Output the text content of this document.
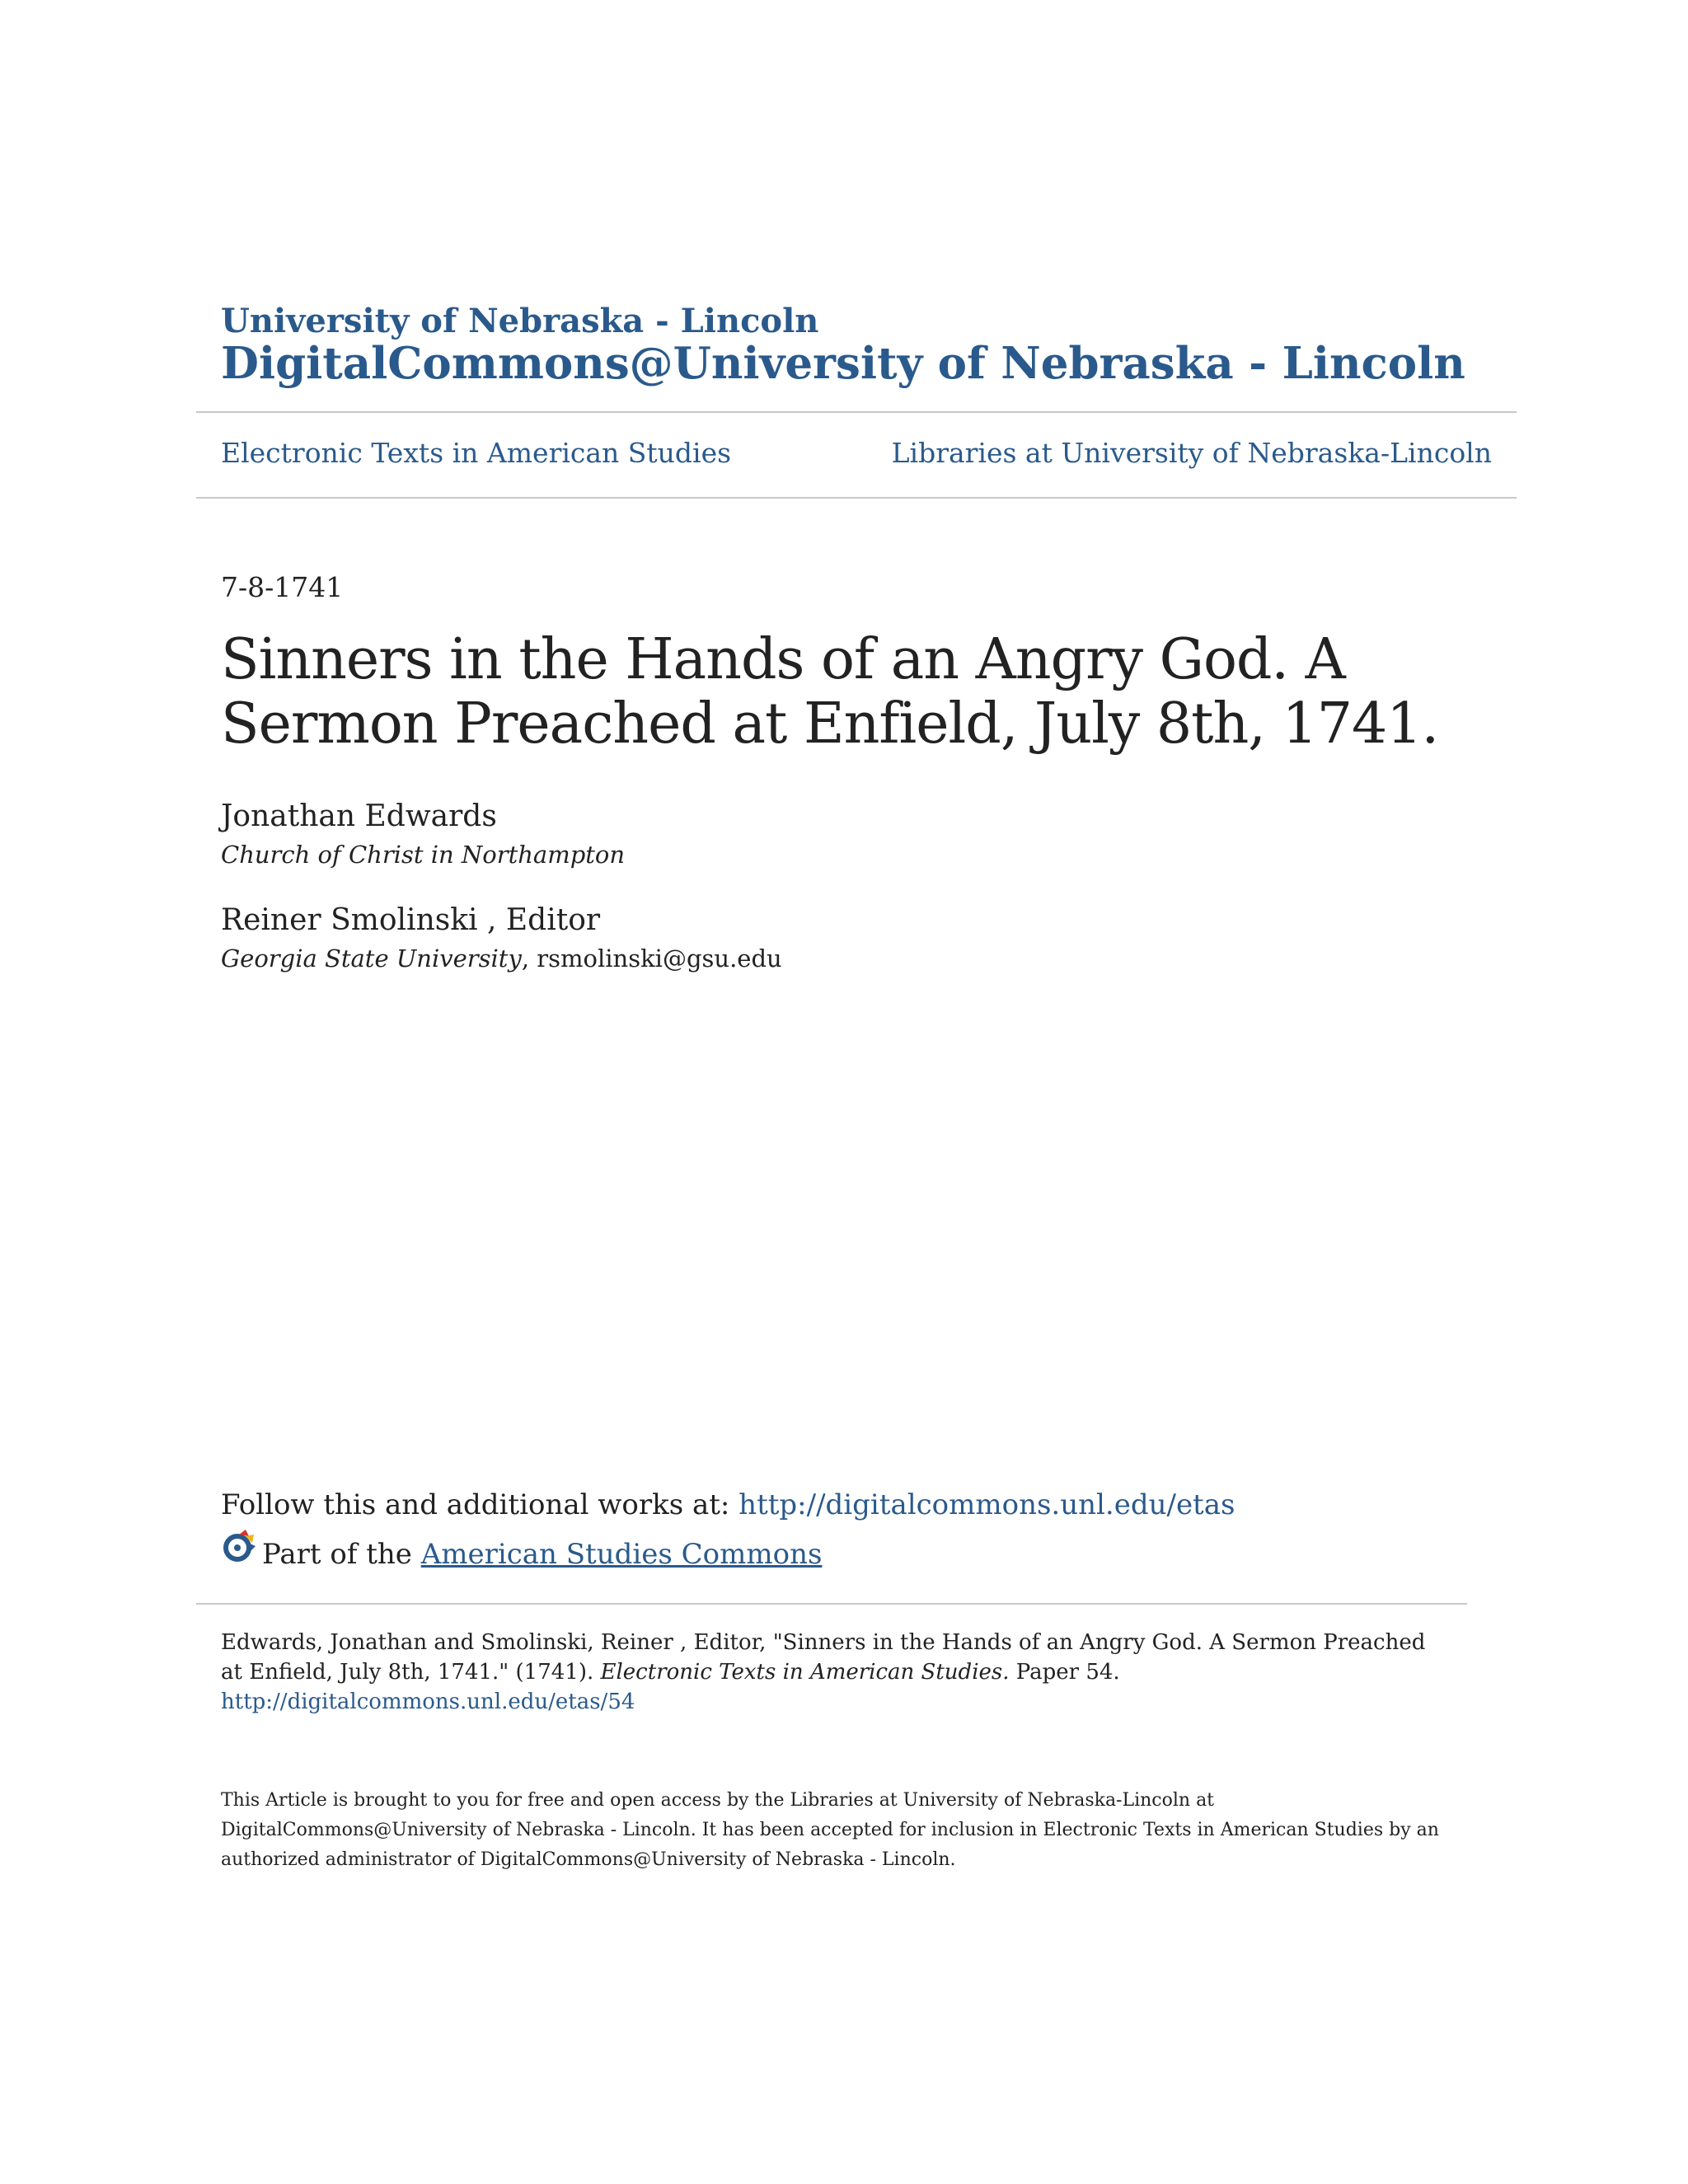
University of Nebraska - Lincoln
DigitalCommons@University of Nebraska - Lincoln
Electronic Texts in American Studies	Libraries at University of Nebraska-Lincoln
7-8-1741
Sinners in the Hands of an Angry God. A Sermon Preached at Enfield, July 8th, 1741.
Jonathan Edwards
Church of Christ in Northampton
Reiner Smolinski , Editor
Georgia State University, rsmolinski@gsu.edu
Follow this and additional works at: http://digitalcommons.unl.edu/etas
Part of the American Studies Commons
Edwards, Jonathan and Smolinski, Reiner , Editor, "Sinners in the Hands of an Angry God. A Sermon Preached at Enfield, July 8th, 1741." (1741). Electronic Texts in American Studies. Paper 54.
http://digitalcommons.unl.edu/etas/54
This Article is brought to you for free and open access by the Libraries at University of Nebraska-Lincoln at DigitalCommons@University of Nebraska - Lincoln. It has been accepted for inclusion in Electronic Texts in American Studies by an authorized administrator of DigitalCommons@University of Nebraska - Lincoln.
